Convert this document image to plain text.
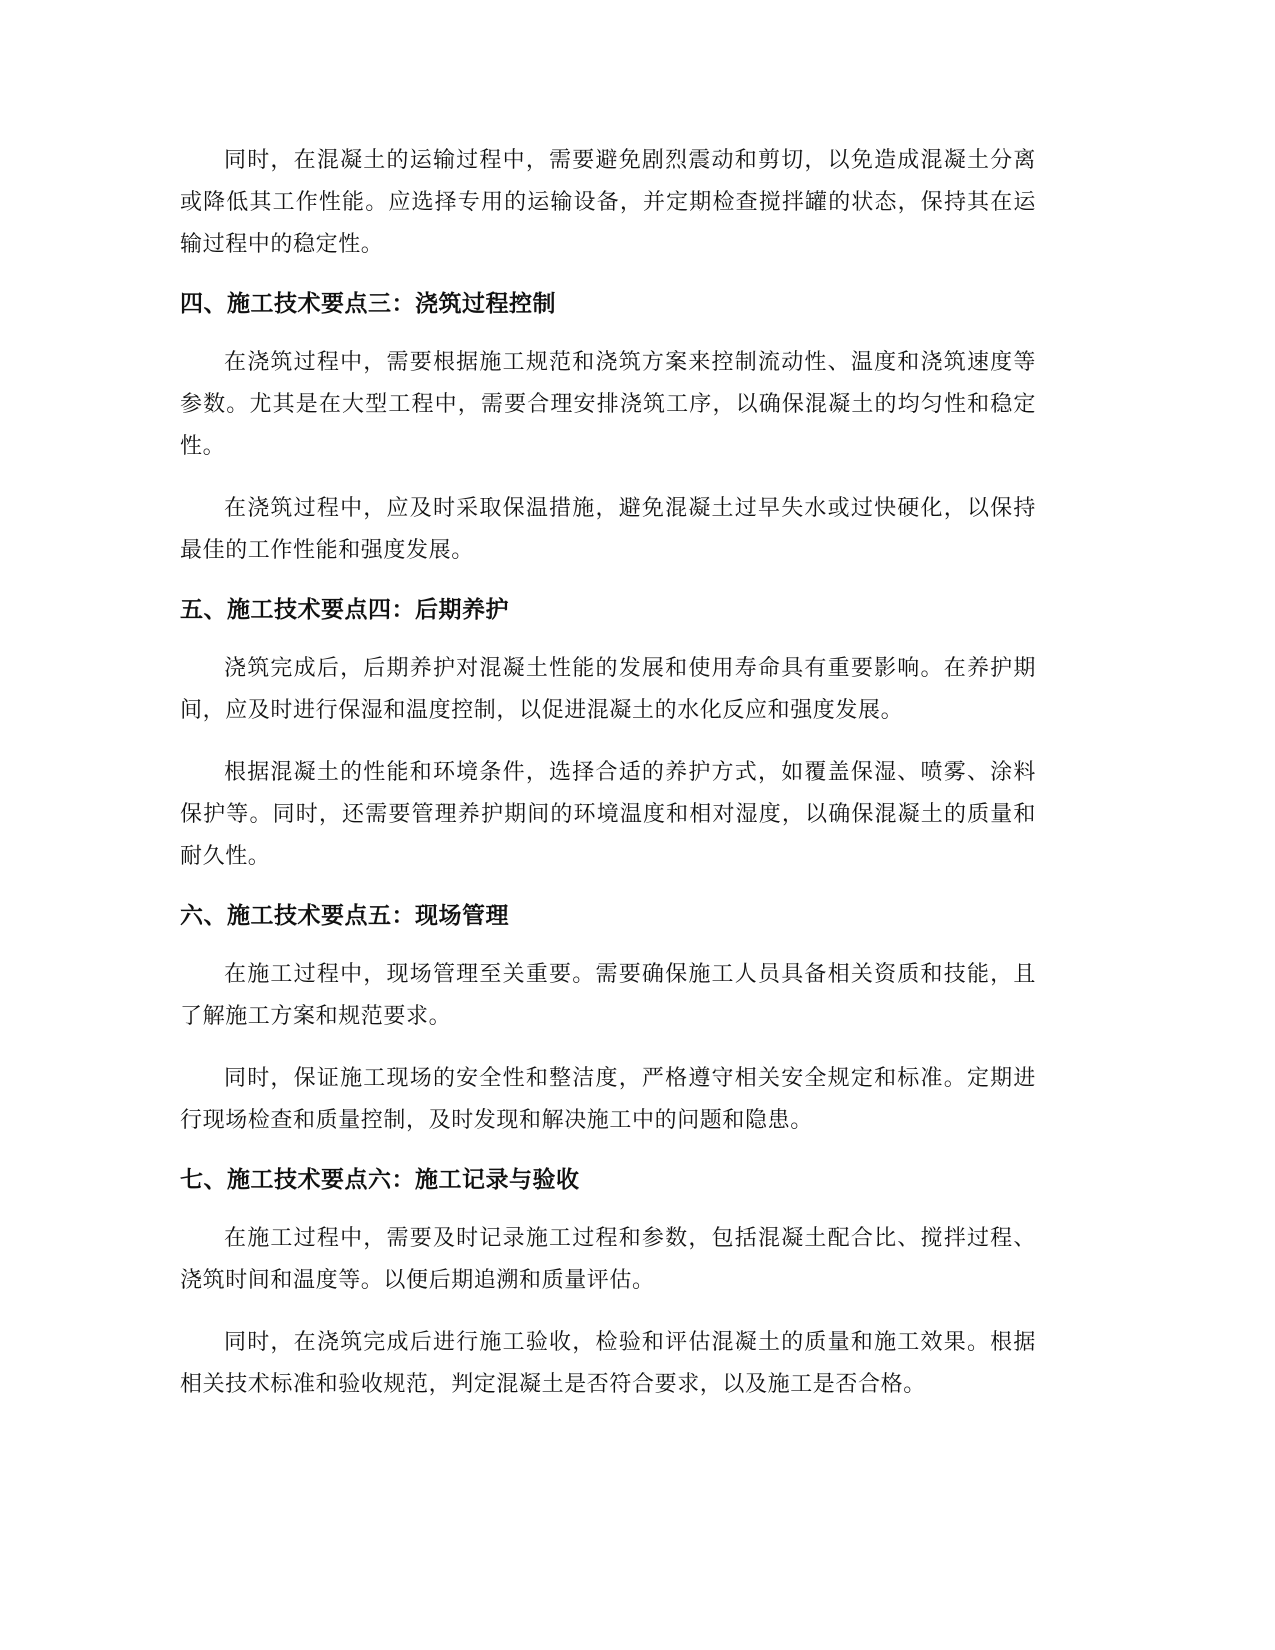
同时，在混凝土的运输过程中，需要避免剧烈震动和剪切，以免造成混凝土分离或降低其工作性能。应选择专用的运输设备，并定期检查搅拌罐的状态，保持其在运输过程中的稳定性。

四、施工技术要点三：浇筑过程控制

在浇筑过程中，需要根据施工规范和浇筑方案来控制流动性、温度和浇筑速度等参数。尤其是在大型工程中，需要合理安排浇筑工序，以确保混凝土的均匀性和稳定性。

在浇筑过程中，应及时采取保温措施，避免混凝土过早失水或过快硬化，以保持最佳的工作性能和强度发展。

五、施工技术要点四：后期养护

浇筑完成后，后期养护对混凝土性能的发展和使用寿命具有重要影响。在养护期间，应及时进行保湿和温度控制，以促进混凝土的水化反应和强度发展。

根据混凝土的性能和环境条件，选择合适的养护方式，如覆盖保湿、喷雾、涂料保护等。同时，还需要管理养护期间的环境温度和相对湿度，以确保混凝土的质量和耐久性。

六、施工技术要点五：现场管理

在施工过程中，现场管理至关重要。需要确保施工人员具备相关资质和技能，且了解施工方案和规范要求。

同时，保证施工现场的安全性和整洁度，严格遵守相关安全规定和标准。定期进行现场检查和质量控制，及时发现和解决施工中的问题和隐患。

七、施工技术要点六：施工记录与验收

在施工过程中，需要及时记录施工过程和参数，包括混凝土配合比、搅拌过程、浇筑时间和温度等。以便后期追溯和质量评估。

同时，在浇筑完成后进行施工验收，检验和评估混凝土的质量和施工效果。根据相关技术标准和验收规范，判定混凝土是否符合要求，以及施工是否合格。
